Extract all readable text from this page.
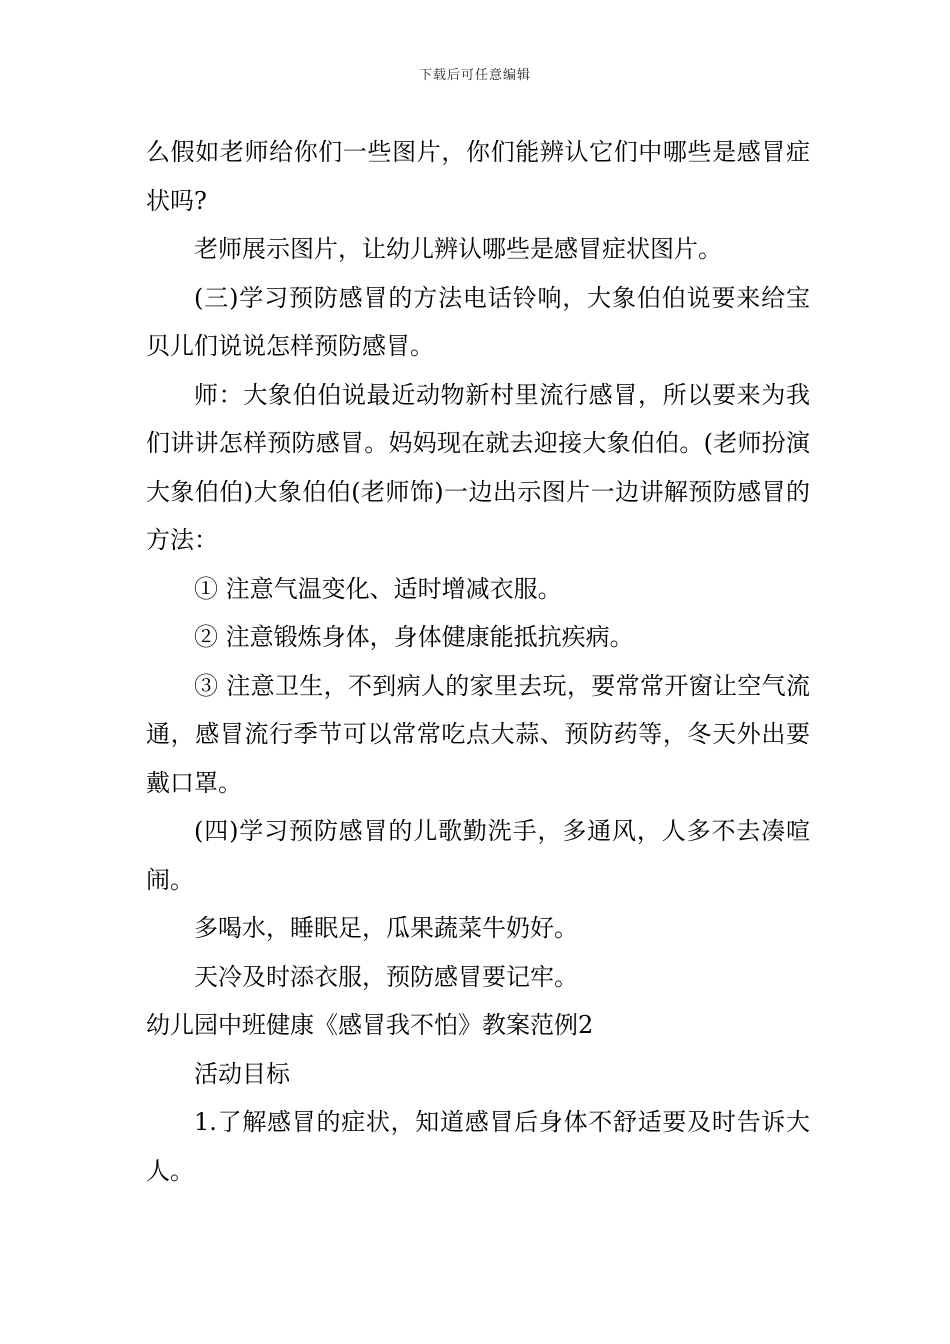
下载后可任意编辑

么假如老师给你们一些图片，你们能辨认它们中哪些是感冒症状吗?

老师展示图片，让幼儿辨认哪些是感冒症状图片。

(三)学习预防感冒的方法电话铃响，大象伯伯说要来给宝贝儿们说说怎样预防感冒。

师：大象伯伯说最近动物新村里流行感冒，所以要来为我们讲讲怎样预防感冒。妈妈现在就去迎接大象伯伯。(老师扮演大象伯伯)大象伯伯(老师饰)一边出示图片一边讲解预防感冒的方法：

① 注意气温变化、适时增减衣服。

② 注意锻炼身体，身体健康能抵抗疾病。

③ 注意卫生，不到病人的家里去玩，要常常开窗让空气流通，感冒流行季节可以常常吃点大蒜、预防药等，冬天外出要戴口罩。

(四)学习预防感冒的儿歌勤洗手，多通风，人多不去凑喧闹。

多喝水，睡眠足，瓜果蔬菜牛奶好。

天冷及时添衣服，预防感冒要记牢。

幼儿园中班健康《感冒我不怕》教案范例2

活动目标

1.了解感冒的症状，知道感冒后身体不舒适要及时告诉大人。
